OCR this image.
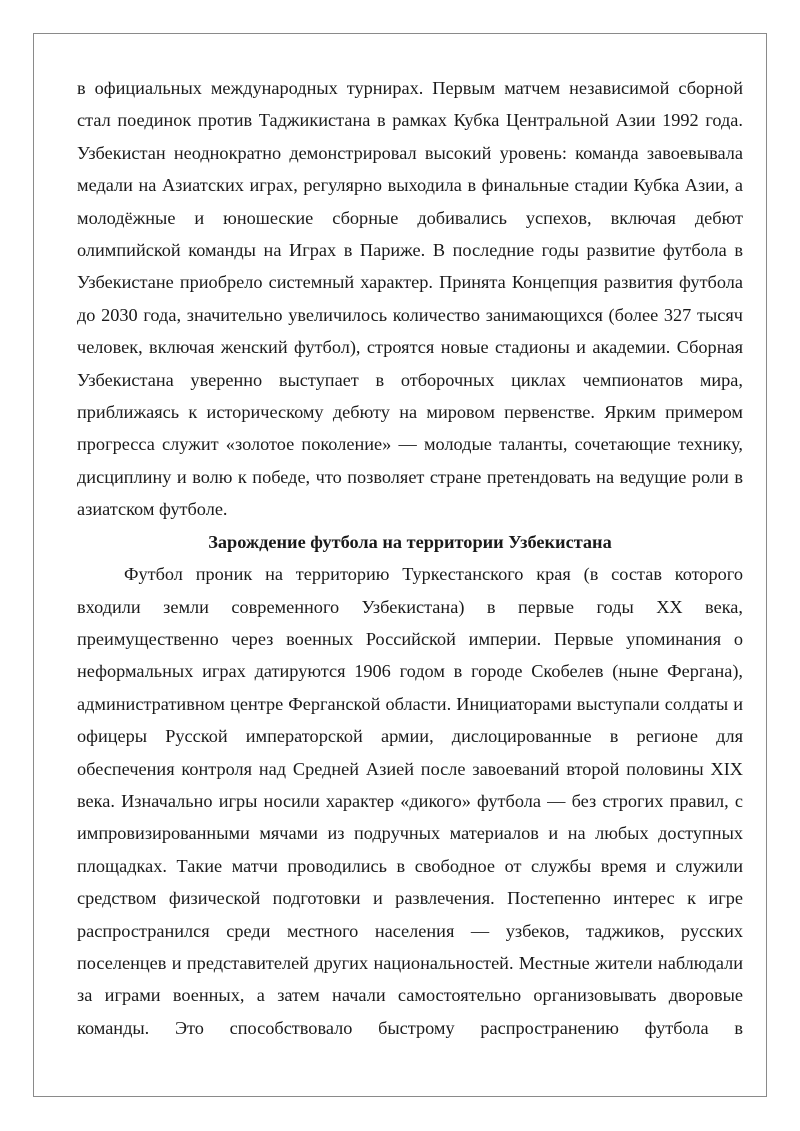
в официальных международных турнирах. Первым матчем независимой сборной стал поединок против Таджикистана в рамках Кубка Центральной Азии 1992 года. Узбекистан неоднократно демонстрировал высокий уровень: команда завоевывала медали на Азиатских играх, регулярно выходила в финальные стадии Кубка Азии, а молодёжные и юношеские сборные добивались успехов, включая дебют олимпийской команды на Играх в Париже. В последние годы развитие футбола в Узбекистане приобрело системный характер. Принята Концепция развития футбола до 2030 года, значительно увеличилось количество занимающихся (более 327 тысяч человек, включая женский футбол), строятся новые стадионы и академии. Сборная Узбекистана уверенно выступает в отборочных циклах чемпионатов мира, приближаясь к историческому дебюту на мировом первенстве. Ярким примером прогресса служит «золотое поколение» — молодые таланты, сочетающие технику, дисциплину и волю к победе, что позволяет стране претендовать на ведущие роли в азиатском футболе.

Зарождение футбола на территории Узбекистана

Футбол проник на территорию Туркестанского края (в состав которого входили земли современного Узбекистана) в первые годы XX века, преимущественно через военных Российской империи. Первые упоминания о неформальных играх датируются 1906 годом в городе Скобелев (ныне Фергана), административном центре Ферганской области. Инициаторами выступали солдаты и офицеры Русской императорской армии, дислоцированные в регионе для обеспечения контроля над Средней Азией после завоеваний второй половины XIX века. Изначально игры носили характер «дикого» футбола — без строгих правил, с импровизированными мячами из подручных материалов и на любых доступных площадках. Такие матчи проводились в свободное от службы время и служили средством физической подготовки и развлечения. Постепенно интерес к игре распространился среди местного населения — узбеков, таджиков, русских поселенцев и представителей других национальностей. Местные жители наблюдали за играми военных, а затем начали самостоятельно организовывать дворовые команды. Это способствовало быстрому распространению футбола в
